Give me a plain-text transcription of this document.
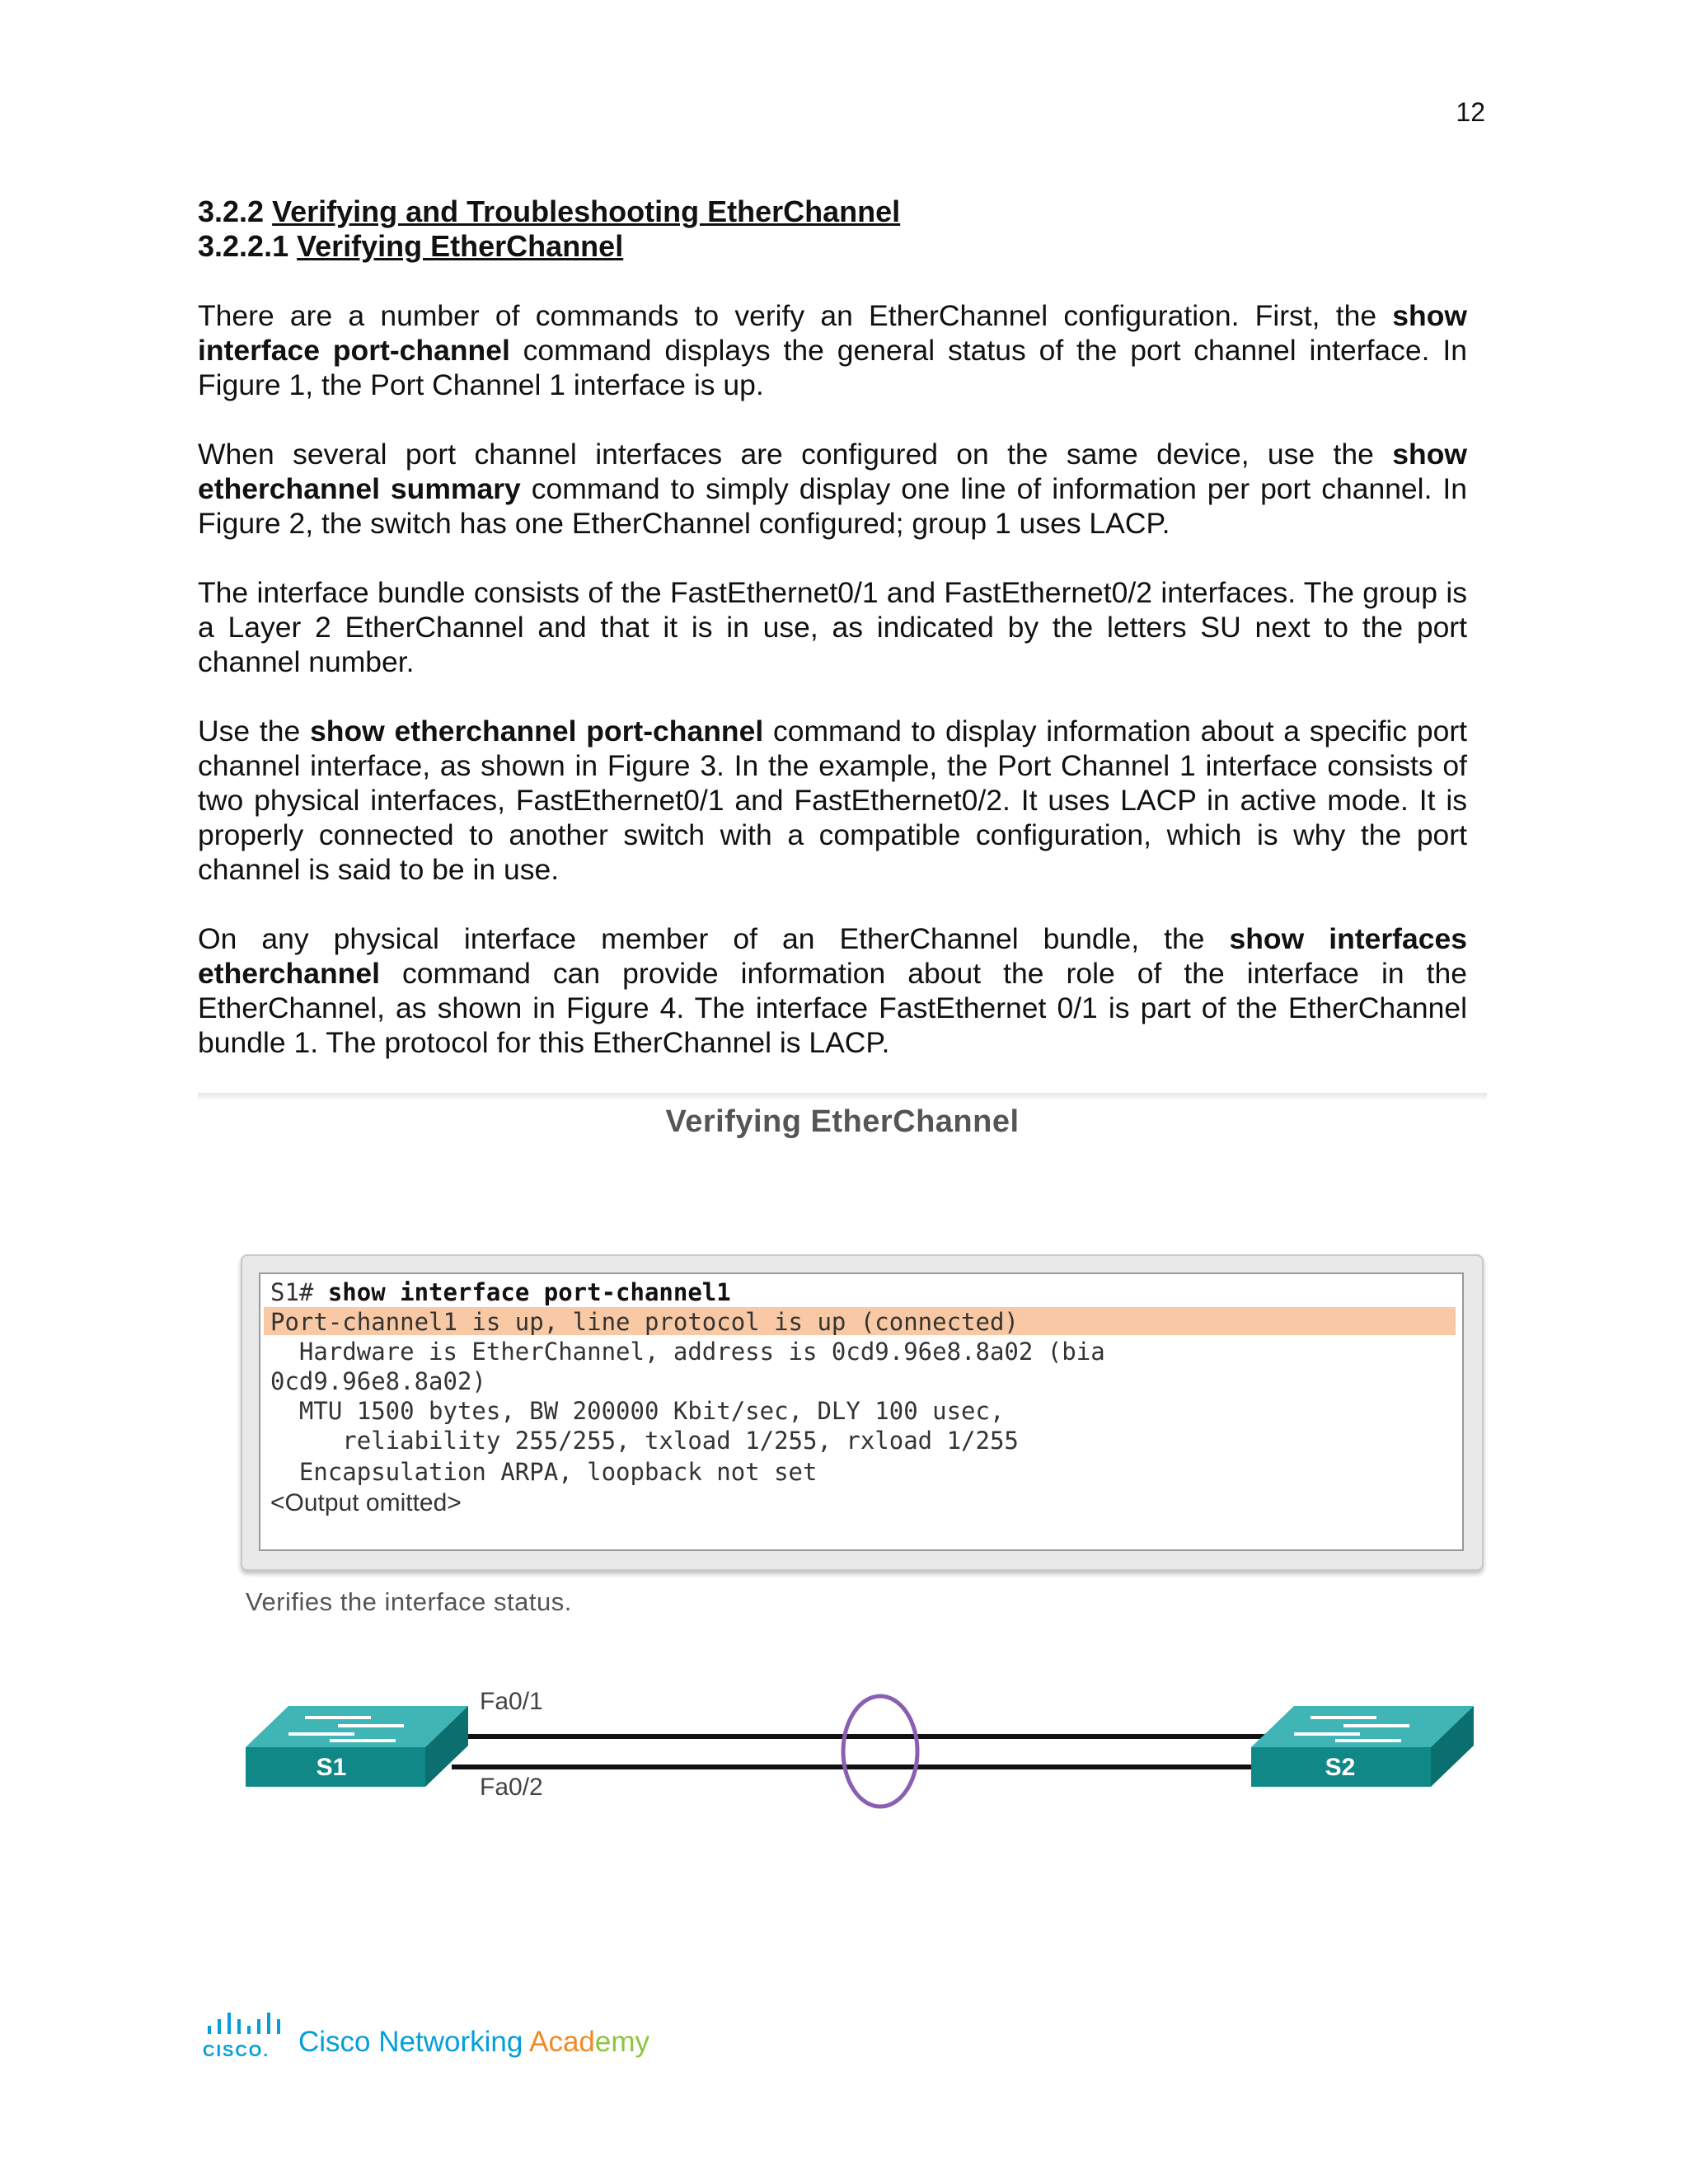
12
3.2.2 Verifying and Troubleshooting EtherChannel
3.2.2.1 Verifying EtherChannel

There are a number of commands to verify an EtherChannel configuration. First, the show interface port-channel command displays the general status of the port channel interface. In Figure 1, the Port Channel 1 interface is up.

When several port channel interfaces are configured on the same device, use the show etherchannel summary command to simply display one line of information per port channel. In Figure 2, the switch has one EtherChannel configured; group 1 uses LACP.

The interface bundle consists of the FastEthernet0/1 and FastEthernet0/2 interfaces. The group is a Layer 2 EtherChannel and that it is in use, as indicated by the letters SU next to the port channel number.

Use the show etherchannel port-channel command to display information about a specific port channel interface, as shown in Figure 3. In the example, the Port Channel 1 interface consists of two physical interfaces, FastEthernet0/1 and FastEthernet0/2. It uses LACP in active mode. It is properly connected to another switch with a compatible configuration, which is why the port channel is said to be in use.

On any physical interface member of an EtherChannel bundle, the show interfaces etherchannel command can provide information about the role of the interface in the EtherChannel, as shown in Figure 4. The interface FastEthernet 0/1 is part of the EtherChannel bundle 1. The protocol for this EtherChannel is LACP.

Verifying EtherChannel
S1# show interface port-channel1
Port-channel1 is up, line protocol is up (connected)
Hardware is EtherChannel, address is 0cd9.96e8.8a02 (bia
0cd9.96e8.8a02)
MTU 1500 bytes, BW 200000 Kbit/sec, DLY 100 usec,
reliability 255/255, txload 1/255, rxload 1/255
Encapsulation ARPA, loopback not set
<Output omitted>
Verifies the interface status.
S1	S2
Fa0/1
Fa0/2
CISCO. Cisco Networking Academy
